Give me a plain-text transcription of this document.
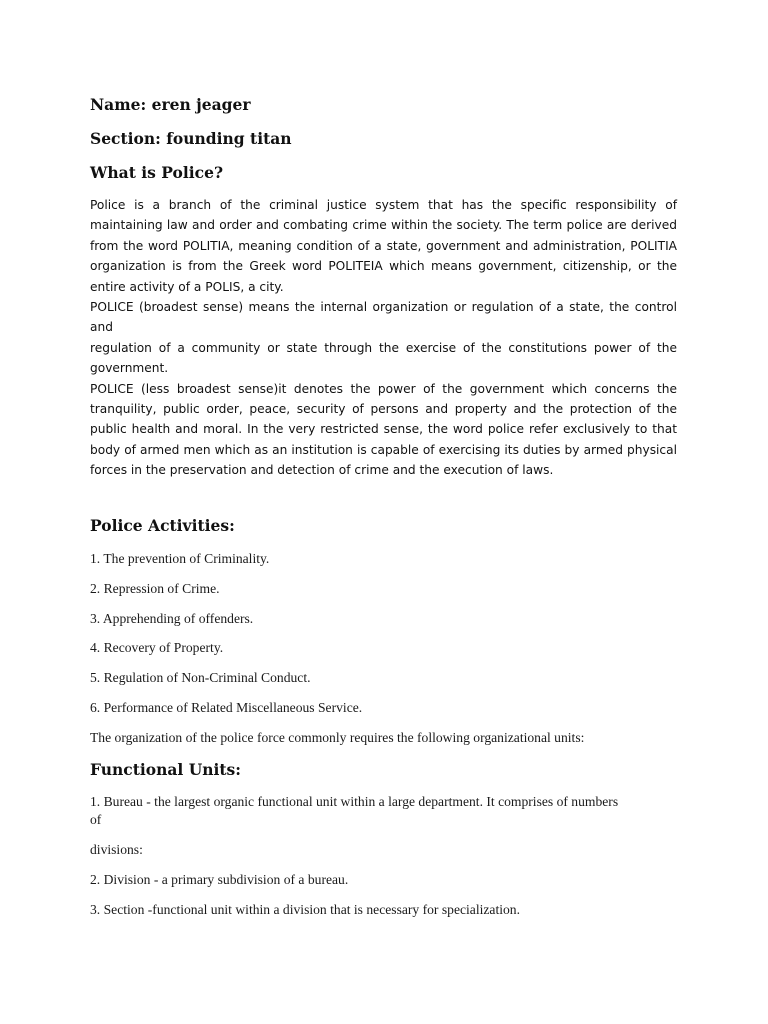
Name: eren jeager
Section: founding titan
What is Police?
Police is a branch of the criminal justice system that has the specific responsibility of
maintaining law and order and combating crime within the society. The term police are derived
from the word POLITIA, meaning condition of a state, government and administration, POLITIA
organization is from the Greek word POLITEIA which means government, citizenship, or the
entire activity of a POLIS, a city.
POLICE (broadest sense) means the internal organization or regulation of a state, the control
and
regulation of a community or state through the exercise of the constitutions power of the
government.
POLICE (less broadest sense)it denotes the power of the government which concerns the
tranquility, public order, peace, security of persons and property and the protection of the
public health and moral. In the very restricted sense, the word police refer exclusively to that
body of armed men which as an institution is capable of exercising its duties by armed physical
forces in the preservation and detection of crime and the execution of laws.
Police Activities:
1. The prevention of Criminality.
2. Repression of Crime.
3. Apprehending of offenders.
4. Recovery of Property.
5. Regulation of Non-Criminal Conduct.
6. Performance of Related Miscellaneous Service.
The organization of the police force commonly requires the following organizational units:
Functional Units:
1. Bureau - the largest organic functional unit within a large department. It comprises of numbers
of
divisions:
2. Division - a primary subdivision of a bureau.
3. Section -functional unit within a division that is necessary for specialization.
